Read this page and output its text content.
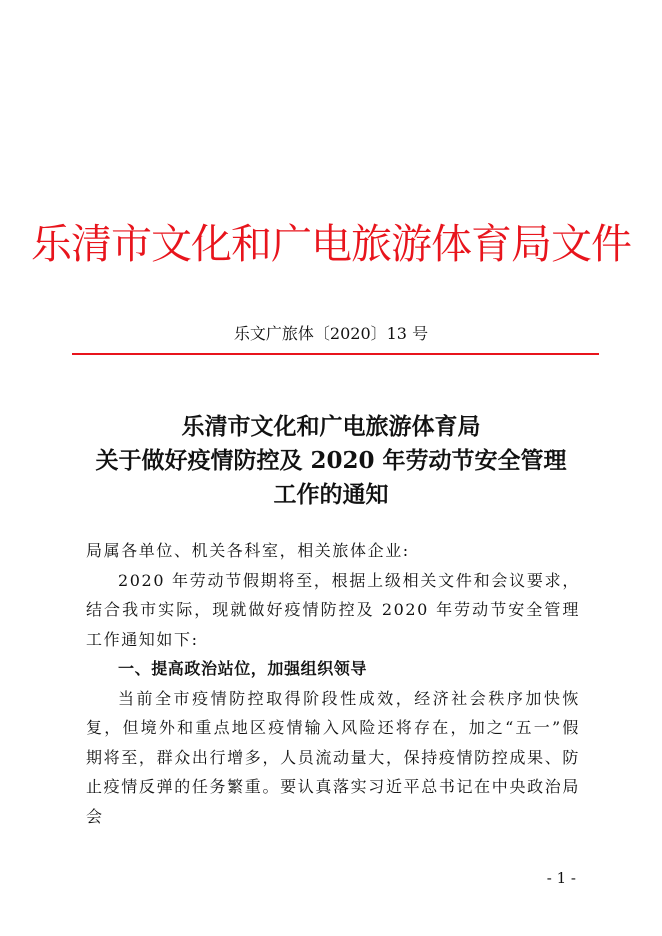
乐清市文化和广电旅游体育局文件
乐文广旅体〔2020〕13 号
乐清市文化和广电旅游体育局
关于做好疫情防控及 2020 年劳动节安全管理
工作的通知

局属各单位、机关各科室，相关旅体企业:

2020 年劳动节假期将至，根据上级相关文件和会议要求，结合我市实际，现就做好疫情防控及 2020 年劳动节安全管理工作通知如下:

一、提高政治站位，加强组织领导

当前全市疫情防控取得阶段性成效，经济社会秩序加快恢复，但境外和重点地区疫情输入风险还将存在，加之“五一”假期将至，群众出行增多，人员流动量大，保持疫情防控成果、防止疫情反弹的任务繁重。要认真落实习近平总书记在中央政治局会

- 1 -
